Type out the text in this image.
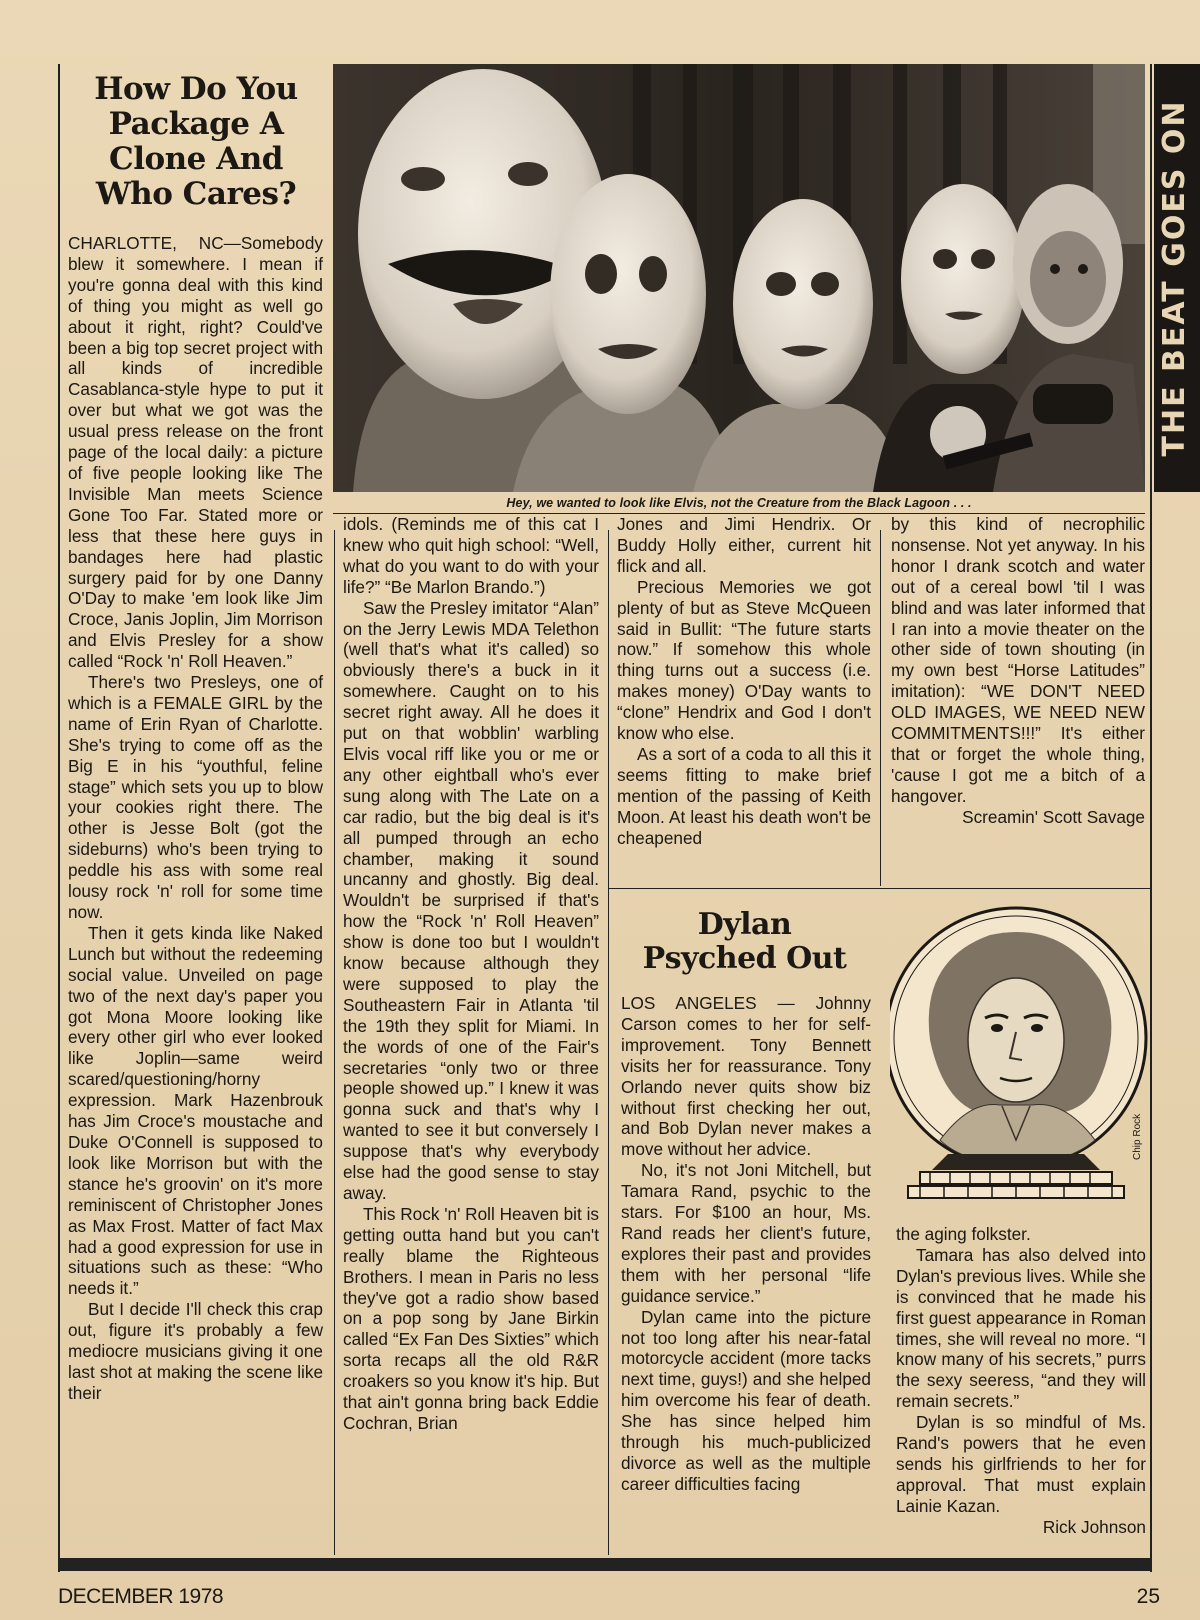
THE BEAT GOES ON
How Do You
Package A
Clone And
Who Cares?
Hey, we wanted to look like Elvis, not the Creature from the Black Lagoon . . .

CHARLOTTE, NC—Somebody blew it somewhere. I mean if you're gonna deal with this kind of thing you might as well go about it right, right? Could've been a big top secret project with all kinds of incredible Casablanca-style hype to put it over but what we got was the usual press release on the front page of the local daily: a picture of five people looking like The Invisible Man meets Science Gone Too Far. Stated more or less that these here guys in bandages here had plastic surgery paid for by one Danny O'Day to make 'em look like Jim Croce, Janis Joplin, Jim Morrison and Elvis Presley for a show called “Rock 'n' Roll Heaven.”

There's two Presleys, one of which is a FEMALE GIRL by the name of Erin Ryan of Charlotte. She's trying to come off as the Big E in his “youthful, feline stage” which sets you up to blow your cookies right there. The other is Jesse Bolt (got the sideburns) who's been trying to peddle his ass with some real lousy rock 'n' roll for some time now.

Then it gets kinda like Naked Lunch but without the redeeming social value. Unveiled on page two of the next day's paper you got Mona Moore looking like every other girl who ever looked like Joplin—same weird scared/questioning/horny expression. Mark Hazenbrouk has Jim Croce's moustache and Duke O'Connell is supposed to look like Morrison but with the stance he's groovin' on it's more reminiscent of Christopher Jones as Max Frost. Matter of fact Max had a good expression for use in situations such as these: “Who needs it.”

But I decide I'll check this crap out, figure it's probably a few mediocre musicians giving it one last shot at making the scene like their

idols. (Reminds me of this cat I knew who quit high school: “Well, what do you want to do with your life?” “Be Marlon Brando.”)

Saw the Presley imitator “Alan” on the Jerry Lewis MDA Telethon (well that's what it's called) so obviously there's a buck in it somewhere. Caught on to his secret right away. All he does it put on that wobblin' warbling Elvis vocal riff like you or me or any other eightball who's ever sung along with The Late on a car radio, but the big deal is it's all pumped through an echo chamber, making it sound uncanny and ghostly. Big deal. Wouldn't be surprised if that's how the “Rock 'n' Roll Heaven” show is done too but I wouldn't know because although they were supposed to play the Southeastern Fair in Atlanta 'til the 19th they split for Miami. In the words of one of the Fair's secretaries “only two or three people showed up.” I knew it was gonna suck and that's why I wanted to see it but conversely I suppose that's why everybody else had the good sense to stay away.

This Rock 'n' Roll Heaven bit is getting outta hand but you can't really blame the Righteous Brothers. I mean in Paris no less they've got a radio show based on a pop song by Jane Birkin called “Ex Fan Des Sixties” which sorta recaps all the old R&R croakers so you know it's hip. But that ain't gonna bring back Eddie Cochran, Brian

Jones and Jimi Hendrix. Or Buddy Holly either, current hit flick and all.

Precious Memories we got plenty of but as Steve McQueen said in Bullit: “The future starts now.” If somehow this whole thing turns out a success (i.e. makes money) O'Day wants to “clone” Hendrix and God I don't know who else.

As a sort of a coda to all this it seems fitting to make brief mention of the passing of Keith Moon. At least his death won't be cheapened

by this kind of necrophilic nonsense. Not yet anyway. In his honor I drank scotch and water out of a cereal bowl 'til I was blind and was later informed that I ran into a movie theater on the other side of town shouting (in my own best “Horse Latitudes” imitation): “WE DON'T NEED OLD IMAGES, WE NEED NEW COMMITMENTS!!!” It's either that or forget the whole thing, 'cause I got me a bitch of a hangover.

Screamin' Scott Savage
Dylan
Psyched Out
Chip Rock

LOS ANGELES — Johnny Carson comes to her for self-improvement. Tony Bennett visits her for reassurance. Tony Orlando never quits show biz without first checking her out, and Bob Dylan never makes a move without her advice.

No, it's not Joni Mitchell, but Tamara Rand, psychic to the stars. For $100 an hour, Ms. Rand reads her client's future, explores their past and provides them with her personal “life guidance service.”

Dylan came into the picture not too long after his near-fatal motorcycle accident (more tacks next time, guys!) and she helped him overcome his fear of death. She has since helped him through his much-publicized divorce as well as the multiple career difficulties facing

the aging folkster.

Tamara has also delved into Dylan's previous lives. While she is convinced that he made his first guest appearance in Roman times, she will reveal no more. “I know many of his secrets,” purrs the sexy seeress, “and they will remain secrets.”

Dylan is so mindful of Ms. Rand's powers that he even sends his girlfriends to her for approval. That must explain Lainie Kazan.

Rick Johnson
DECEMBER 1978	25
